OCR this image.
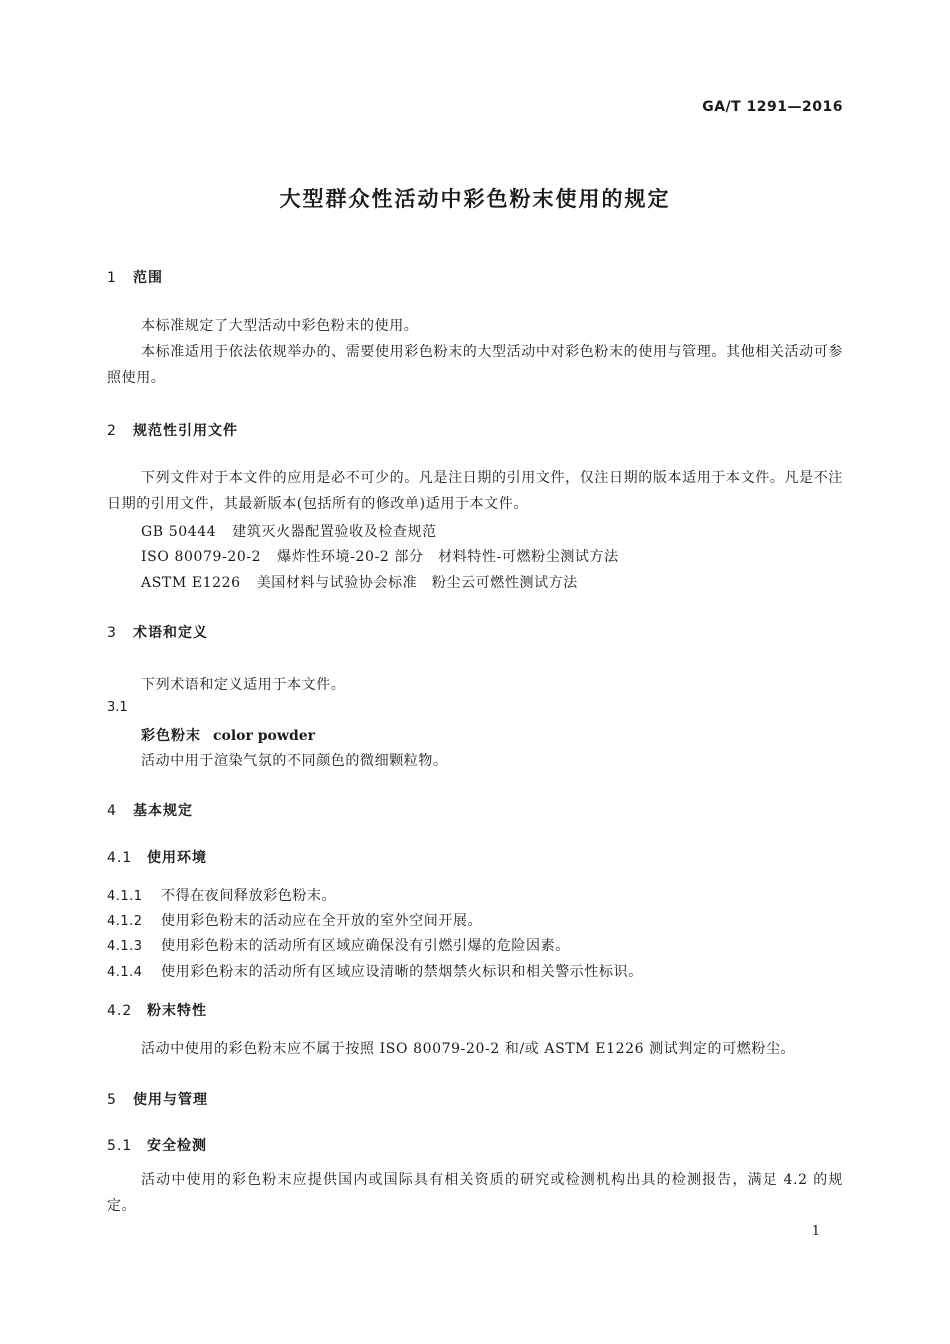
GA/T 1291—2016
大型群众性活动中彩色粉末使用的规定
1 范围
本标准规定了大型活动中彩色粉末的使用。
本标准适用于依法依规举办的、需要使用彩色粉末的大型活动中对彩色粉末的使用与管理。其他相关活动可参照使用。
2 规范性引用文件
下列文件对于本文件的应用是必不可少的。凡是注日期的引用文件，仅注日期的版本适用于本文件。凡是不注日期的引用文件，其最新版本(包括所有的修改单)适用于本文件。
GB 50444 建筑灭火器配置验收及检查规范
ISO 80079-20-2 爆炸性环境-20-2 部分　材料特性-可燃粉尘测试方法
ASTM E1226 美国材料与试验协会标准　粉尘云可燃性测试方法
3 术语和定义
下列术语和定义适用于本文件。
3.1
彩色粉末 color powder
活动中用于渲染气氛的不同颜色的微细颗粒物。
4 基本规定
4.1 使用环境
4.1.1 不得在夜间释放彩色粉末。
4.1.2 使用彩色粉末的活动应在全开放的室外空间开展。
4.1.3 使用彩色粉末的活动所有区域应确保没有引燃引爆的危险因素。
4.1.4 使用彩色粉末的活动所有区域应设清晰的禁烟禁火标识和相关警示性标识。
4.2 粉末特性
活动中使用的彩色粉末应不属于按照 ISO 80079-20-2 和/或 ASTM E1226 测试判定的可燃粉尘。
5 使用与管理
5.1 安全检测
活动中使用的彩色粉末应提供国内或国际具有相关资质的研究或检测机构出具的检测报告，满足 4.2 的规定。
1
